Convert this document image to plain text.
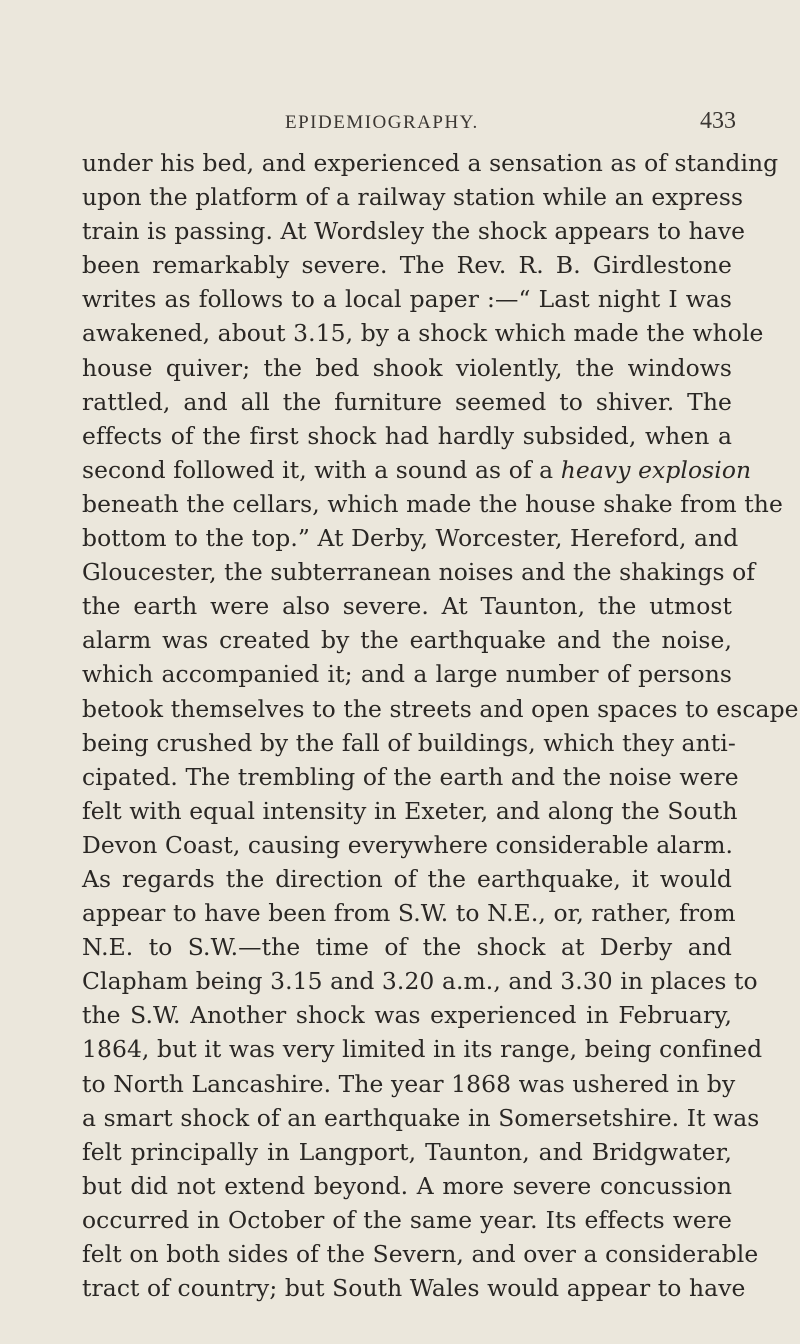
EPIDEMIOGRAPHY.	433
under his bed, and experienced a sensation as of standing
upon the platform of a railway station while an express
train is passing. At Wordsley the shock appears to have
been remarkably severe. The Rev. R. B. Girdlestone
writes as follows to a local paper :—“ Last night I was
awakened, about 3.15, by a shock which made the whole
house quiver; the bed shook violently, the windows
rattled, and all the furniture seemed to shiver. The
effects of the first shock had hardly subsided, when a
second followed it, with a sound as of a heavy explosion
beneath the cellars, which made the house shake from the
bottom to the top.” At Derby, Worcester, Hereford, and
Gloucester, the subterranean noises and the shakings of
the earth were also severe. At Taunton, the utmost
alarm was created by the earthquake and the noise,
which accompanied it; and a large number of persons
betook themselves to the streets and open spaces to escape
being crushed by the fall of buildings, which they anti-
cipated. The trembling of the earth and the noise were
felt with equal intensity in Exeter, and along the South
Devon Coast, causing everywhere considerable alarm.
As regards the direction of the earthquake, it would
appear to have been from S.W. to N.E., or, rather, from
N.E. to S.W.—the time of the shock at Derby and
Clapham being 3.15 and 3.20 a.m., and 3.30 in places to
the S.W. Another shock was experienced in February,
1864, but it was very limited in its range, being confined
to North Lancashire. The year 1868 was ushered in by
a smart shock of an earthquake in Somersetshire. It was
felt principally in Langport, Taunton, and Bridgwater,
but did not extend beyond. A more severe concussion
occurred in October of the same year. Its effects were
felt on both sides of the Severn, and over a considerable
tract of country; but South Wales would appear to have
